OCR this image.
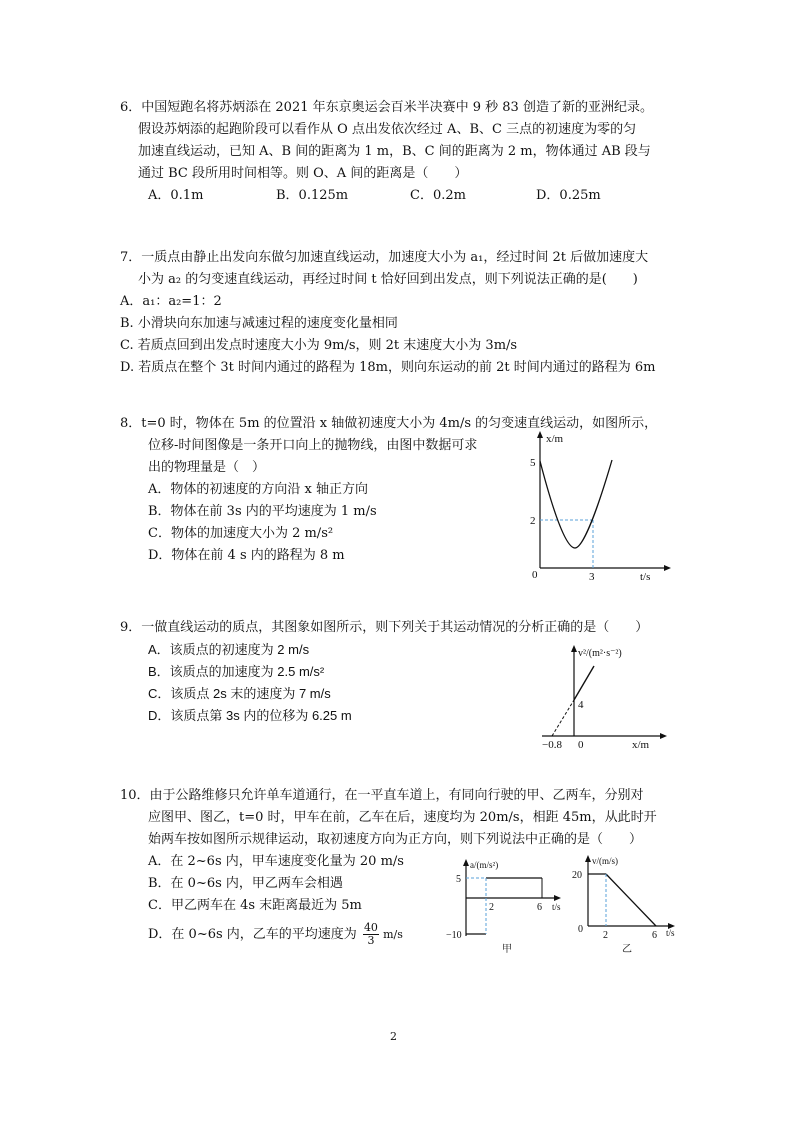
6．中国短跑名将苏炳添在 2021 年东京奥运会百米半决赛中 9 秒 83 创造了新的亚洲纪录。
假设苏炳添的起跑阶段可以看作从 O 点出发依次经过 A、B、C 三点的初速度为零的匀
加速直线运动，已知 A、B 间的距离为 1 m，B、C 间的距离为 2 m，物体通过 AB 段与
通过 BC 段所用时间相等。则 O、A 间的距离是（　　）
A．0.1m	B．0.125m	C．0.2m	D．0.25m
7．一质点由静止出发向东做匀加速直线运动，加速度大小为 a₁，经过时间 2t 后做加速度大
小为 a₂ 的匀变速直线运动，再经过时间 t 恰好回到出发点，则下列说法正确的是(　　)
A．a₁：a₂=1：2
B. 小滑块向东加速与减速过程的速度变化量相同
C. 若质点回到出发点时速度大小为 9m/s，则 2t 末速度大小为 3m/s
D. 若质点在整个 3t 时间内通过的路程为 18m，则向东运动的前 2t 时间内通过的路程为 6m
8．t=0 时，物体在 5m 的位置沿 x 轴做初速度大小为 4m/s 的匀变速直线运动，如图所示，
位移-时间图像是一条开口向上的抛物线，由图中数据可求
出的物理量是（　）
A．物体的初速度的方向沿 x 轴正方向
B．物体在前 3s 内的平均速度为 1 m/s
C．物体的加速度大小为 2 m/s²
D．物体在前 4 s 内的路程为 8 m
x/m
t/s
0
5
2
3
9．一做直线运动的质点，其图象如图所示，则下列关于其运动情况的分析正确的是（　　）
A．该质点的初速度为 2 m/s
B．该质点的加速度为 2.5 m/s²
C．该质点 2s 末的速度为 7 m/s
D．该质点第 3s 内的位移为 6.25 m
v²/(m²·s⁻²)
x/m
0
4
−0.8
10．由于公路维修只允许单车道通行，在一平直车道上，有同向行驶的甲、乙两车，分别对
应图甲、图乙，t=0 时，甲车在前，乙车在后，速度均为 20m/s，相距 45m，从此时开
始两车按如图所示规律运动，取初速度方向为正方向，则下列说法中正确的是（　　）
A．在 2~6s 内，甲车速度变化量为 20 m/s
B．在 0~6s 内，甲乙两车会相遇
C．甲乙两车在 4s 末距离最近为 5m
D．在 0~6s 内，乙车的平均速度为 $\frac{40}{3} m/s$
a/(m/s²)
t/s
5
−10
2	6
甲
v/(m/s)
t/s
20
0
2	6
乙
2
